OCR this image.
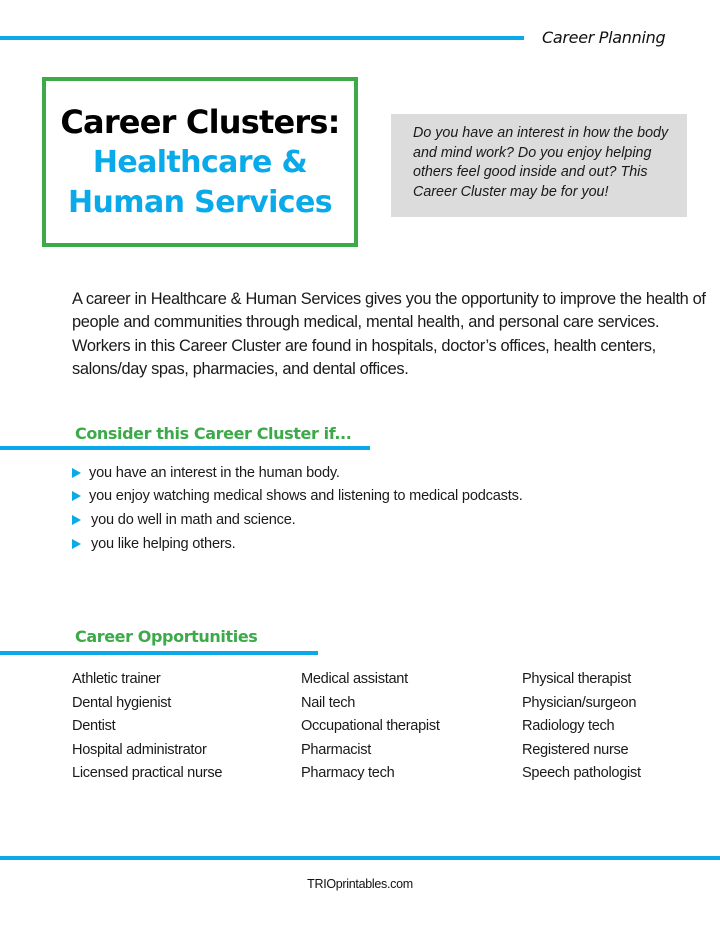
Career Planning
Career Clusters:
Healthcare &
Human Services
Do you have an interest in how the body and mind work? Do you enjoy helping others feel good inside and out? This Career Cluster may be for you!
A career in Healthcare & Human Services gives you the opportunity to improve the health of people and communities through medical, mental health, and personal care services. Workers in this Career Cluster are found in hospitals, doctor’s offices, health centers, salons/day spas, pharmacies, and dental offices.
Consider this Career Cluster if...
you have an interest in the human body.
you enjoy watching medical shows and listening to medical podcasts.
you do well in math and science.
you like helping others.
Career Opportunities
Athletic trainer
Dental hygienist
Dentist
Hospital administrator
Licensed practical nurse
Medical assistant
Nail tech
Occupational therapist
Pharmacist
Pharmacy tech
Physical therapist
Physician/surgeon
Radiology tech
Registered nurse
Speech pathologist
TRIOprintables.com
